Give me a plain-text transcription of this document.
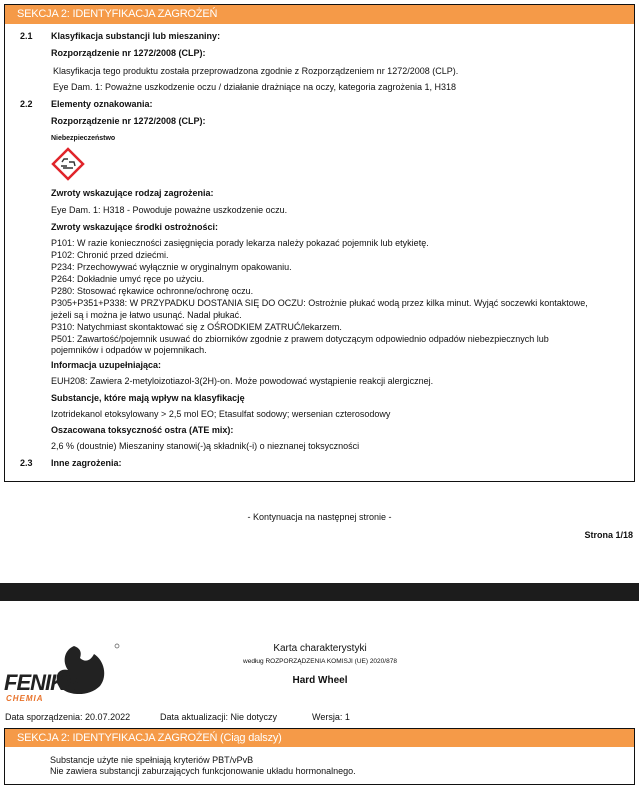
SEKCJA 2: IDENTYFIKACJA ZAGROŻEŃ
2.1 Klasyfikacja substancji lub mieszaniny:
Rozporządzenie nr 1272/2008 (CLP):
Klasyfikacja tego produktu została przeprowadzona zgodnie z Rozporządzeniem nr 1272/2008 (CLP).
Eye Dam. 1: Poważne uszkodzenie oczu / działanie drażniące na oczy, kategoria zagrożenia 1, H318
2.2 Elementy oznakowania:
Rozporządzenie nr 1272/2008 (CLP):
Niebezpieczeństwo
Zwroty wskazujące rodzaj zagrożenia:
Eye Dam. 1: H318 - Powoduje poważne uszkodzenie oczu.
Zwroty wskazujące środki ostrożności:
P101: W razie konieczności zasięgnięcia porady lekarza należy pokazać pojemnik lub etykietę.
P102: Chronić przed dziećmi.
P234: Przechowywać wyłącznie w oryginalnym opakowaniu.
P264: Dokładnie umyć ręce po użyciu.
P280: Stosować rękawice ochronne/ochronę oczu.
P305+P351+P338: W PRZYPADKU DOSTANIA SIĘ DO OCZU: Ostrożnie płukać wodą przez kilka minut. Wyjąć soczewki kontaktowe,
jeżeli są i można je łatwo usunąć. Nadal płukać.
P310: Natychmiast skontaktować się z OŚRODKIEM ZATRUĆ/lekarzem.
P501: Zawartość/pojemnik usuwać do zbiorników zgodnie z prawem dotyczącym odpowiednio odpadów niebezpiecznych lub
pojemników i odpadów w pojemnikach.
Informacja uzupełniająca:
EUH208: Zawiera 2-metyloizotiazol-3(2H)-on. Może powodować wystąpienie reakcji alergicznej.
Substancje, które mają wpływ na klasyfikację
Izotridekanol etoksylowany > 2,5 mol EO; Etasulfat sodowy; wersenian czterosodowy
Oszacowana toksyczność ostra (ATE mix):
2,6 % (doustnie) Mieszaniny stanowi(-)ą składnik(-i) o nieznanej toksyczności
2.3 Inne zagrożenia:
- Kontynuacja na następnej stronie -
Strona 1/18
FENIKS
CHEMIA
Karta charakterystyki
według ROZPORZĄDZENIA KOMISJI (UE) 2020/878
Hard Wheel
Data sporządzenia: 20.07.2022	Data aktualizacji: Nie dotyczy	Wersja: 1
SEKCJA 2: IDENTYFIKACJA ZAGROŻEŃ (Ciąg dalszy)
Substancje użyte nie spełniają kryteriów PBT/vPvB
Nie zawiera substancji zaburzających funkcjonowanie układu hormonalnego.
